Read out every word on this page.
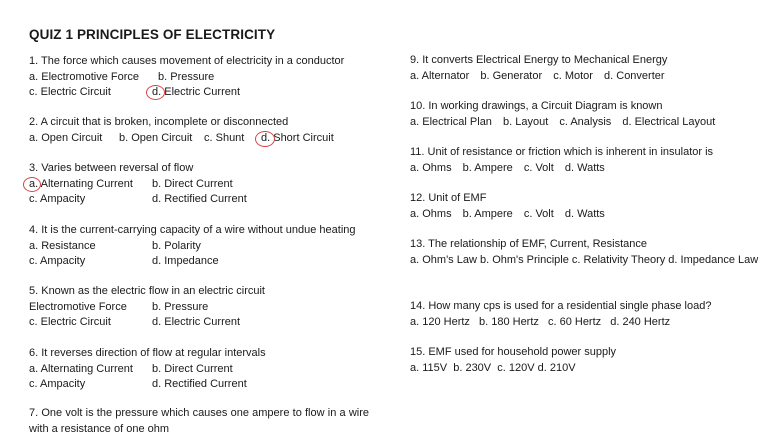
QUIZ 1 PRINCIPLES OF ELECTRICITY
1. The force which causes movement of electricity in a conductor
a. Electromotive Force b. Pressure
c. Electric Circuit	d. Electric Current
2. A circuit that is broken, incomplete or disconnected
a. Open Circuit b. Open Circuit c. Shunt d. Short Circuit
3. Varies between reversal of flow
a. Alternating Current b. Direct Current
c. Ampacity	d. Rectified Current
4. It is the current-carrying capacity of a wire without undue heating
a. Resistance	b. Polarity
c. Ampacity	d. Impedance
5. Known as the electric flow in an electric circuit
Electromotive Force b. Pressure
c. Electric Circuit	d. Electric Current
6. It reverses direction of flow at regular intervals
a. Alternating Current b. Direct Current
c. Ampacity	d. Rectified Current
7. One volt is the pressure which causes one ampere to flow in a wire with a resistance of one ohm
9. It converts Electrical Energy to Mechanical Energy
a. Alternator b. Generator c. Motor d. Converter
10. In working drawings, a Circuit Diagram is known
a. Electrical Plan b. Layout c. Analysis d. Electrical Layout
11. Unit of resistance or friction which is inherent in insulator is
a. Ohms b. Ampere c. Volt d. Watts
12. Unit of EMF
a. Ohms b. Ampere c. Volt d. Watts
13. The relationship of EMF, Current, Resistance
a. Ohm's Law b. Ohm's Principle c. Relativity Theory d. Impedance Law
14. How many cps is used for a residential single phase load?
a. 120 Hertz b. 180 Hertz c. 60 Hertz d. 240 Hertz
15. EMF used for household power supply
a. 115V  b. 230V  c. 120V d. 210V
